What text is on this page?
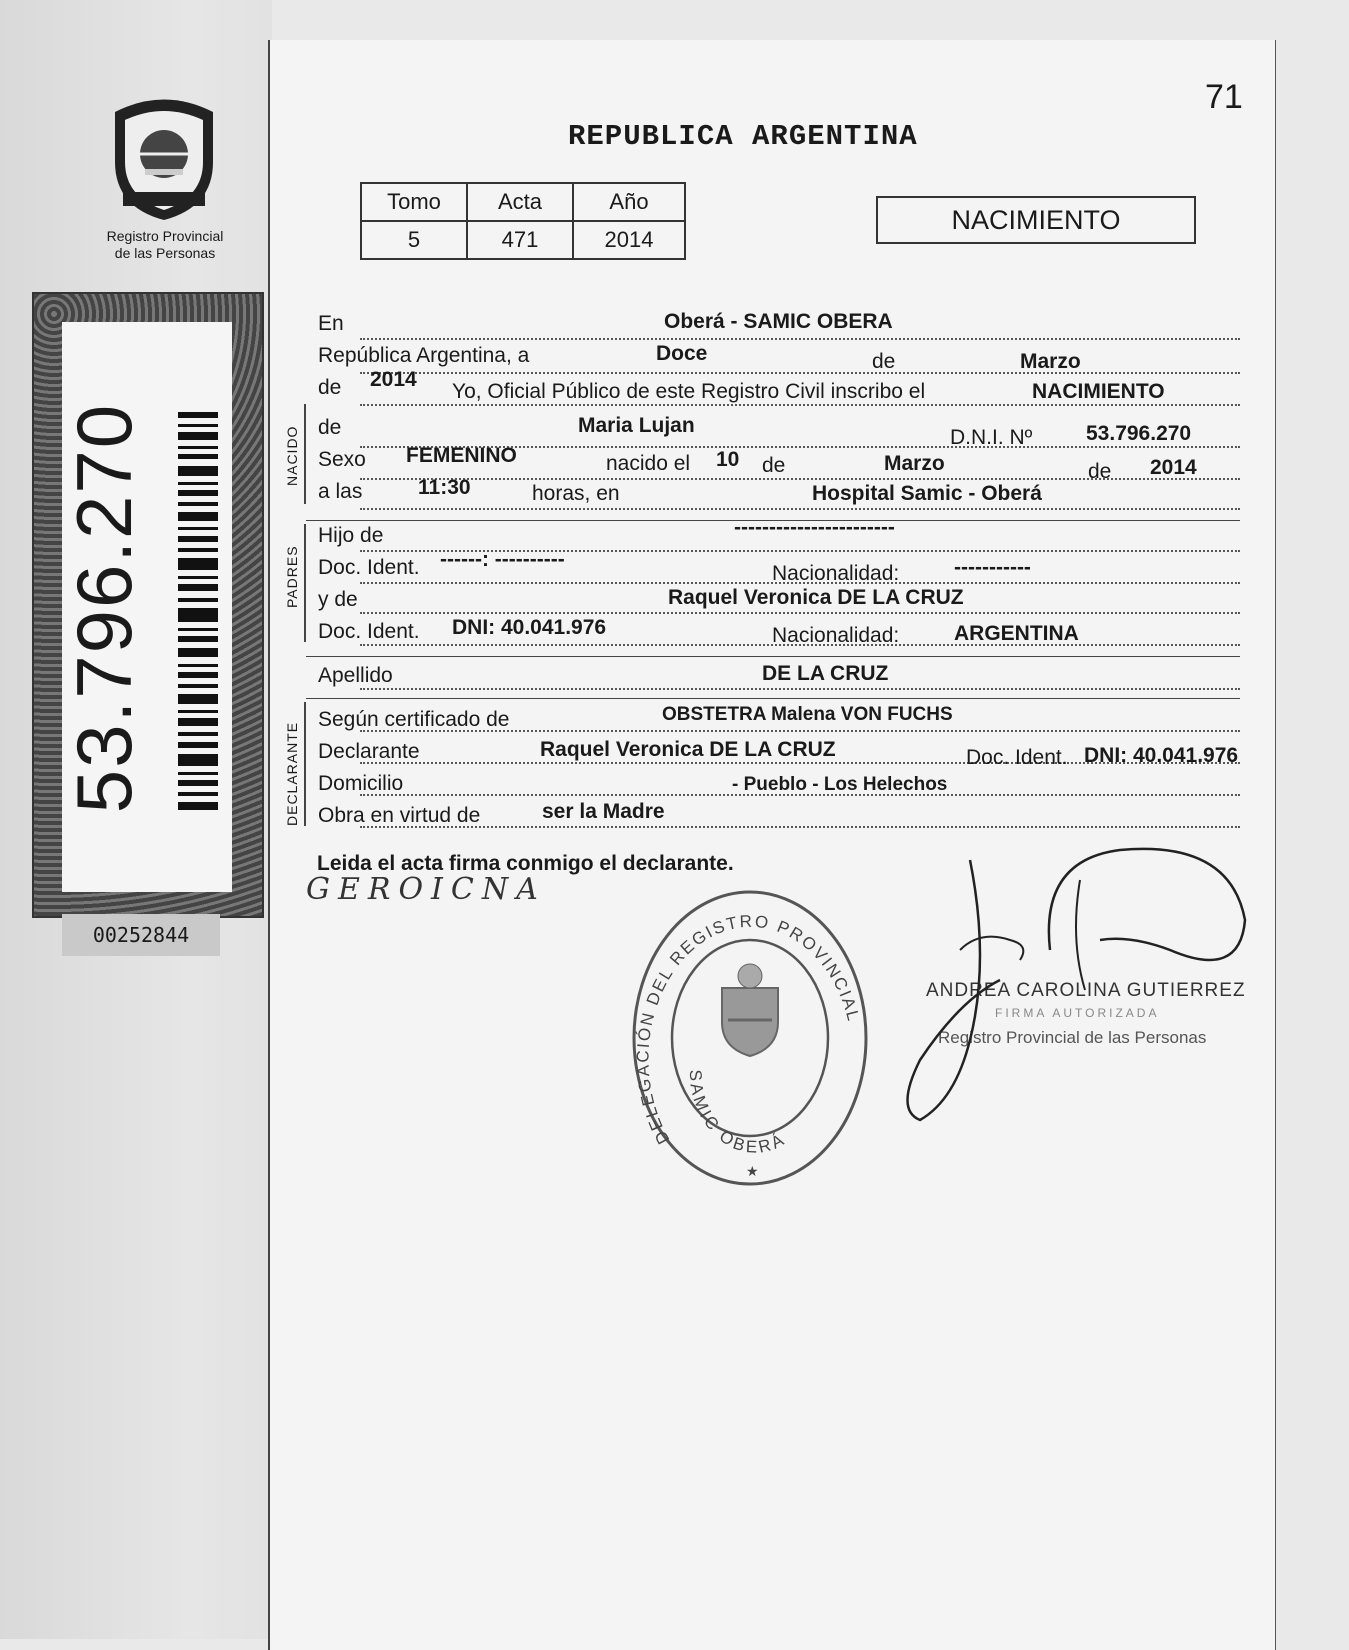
Registro Provincial
de las Personas
53.796.270
00252844
71
REPUBLICA ARGENTINA
Tomo	Acta	Año
5	471	2014
NACIMIENTO
NACIDO
PADRES
DECLARANTE
En	Oberá - SAMIC OBERA
República Argentina, a	Doce	de	Marzo
de 2014
Yo, Oficial Público de este Registro Civil inscribo el	NACIMIENTO
de	Maria Lujan
D.N.I. Nº	53.796.270
Sexo FEMENINO	nacido el 10 de	Marzo	de 2014
a las	11:30	horas, en	Hospital Samic - Oberá
Hijo de	-----------------------
Doc. Ident. ------: ----------
Nacionalidad:	-----------
y de	Raquel Veronica DE LA CRUZ
Doc. Ident. DNI: 40.041.976	Nacionalidad:	ARGENTINA
Apellido	DE LA CRUZ
Según certificado de	OBSTETRA Malena VON FUCHS
Declarante	Raquel Veronica DE LA CRUZ	Doc. Ident. DNI: 40.041.976
Domicilio	- Pueblo - Los Helechos
Obra en virtud de	ser la Madre
Leida el acta firma conmigo el declarante.
GEROICNA
DELEGACIÓN DEL REGISTRO PROVINCIAL
SAMIC OBERÁ
★
ANDREA CAROLINA GUTIERREZ
FIRMA AUTORIZADA
Registro Provincial de las Personas
